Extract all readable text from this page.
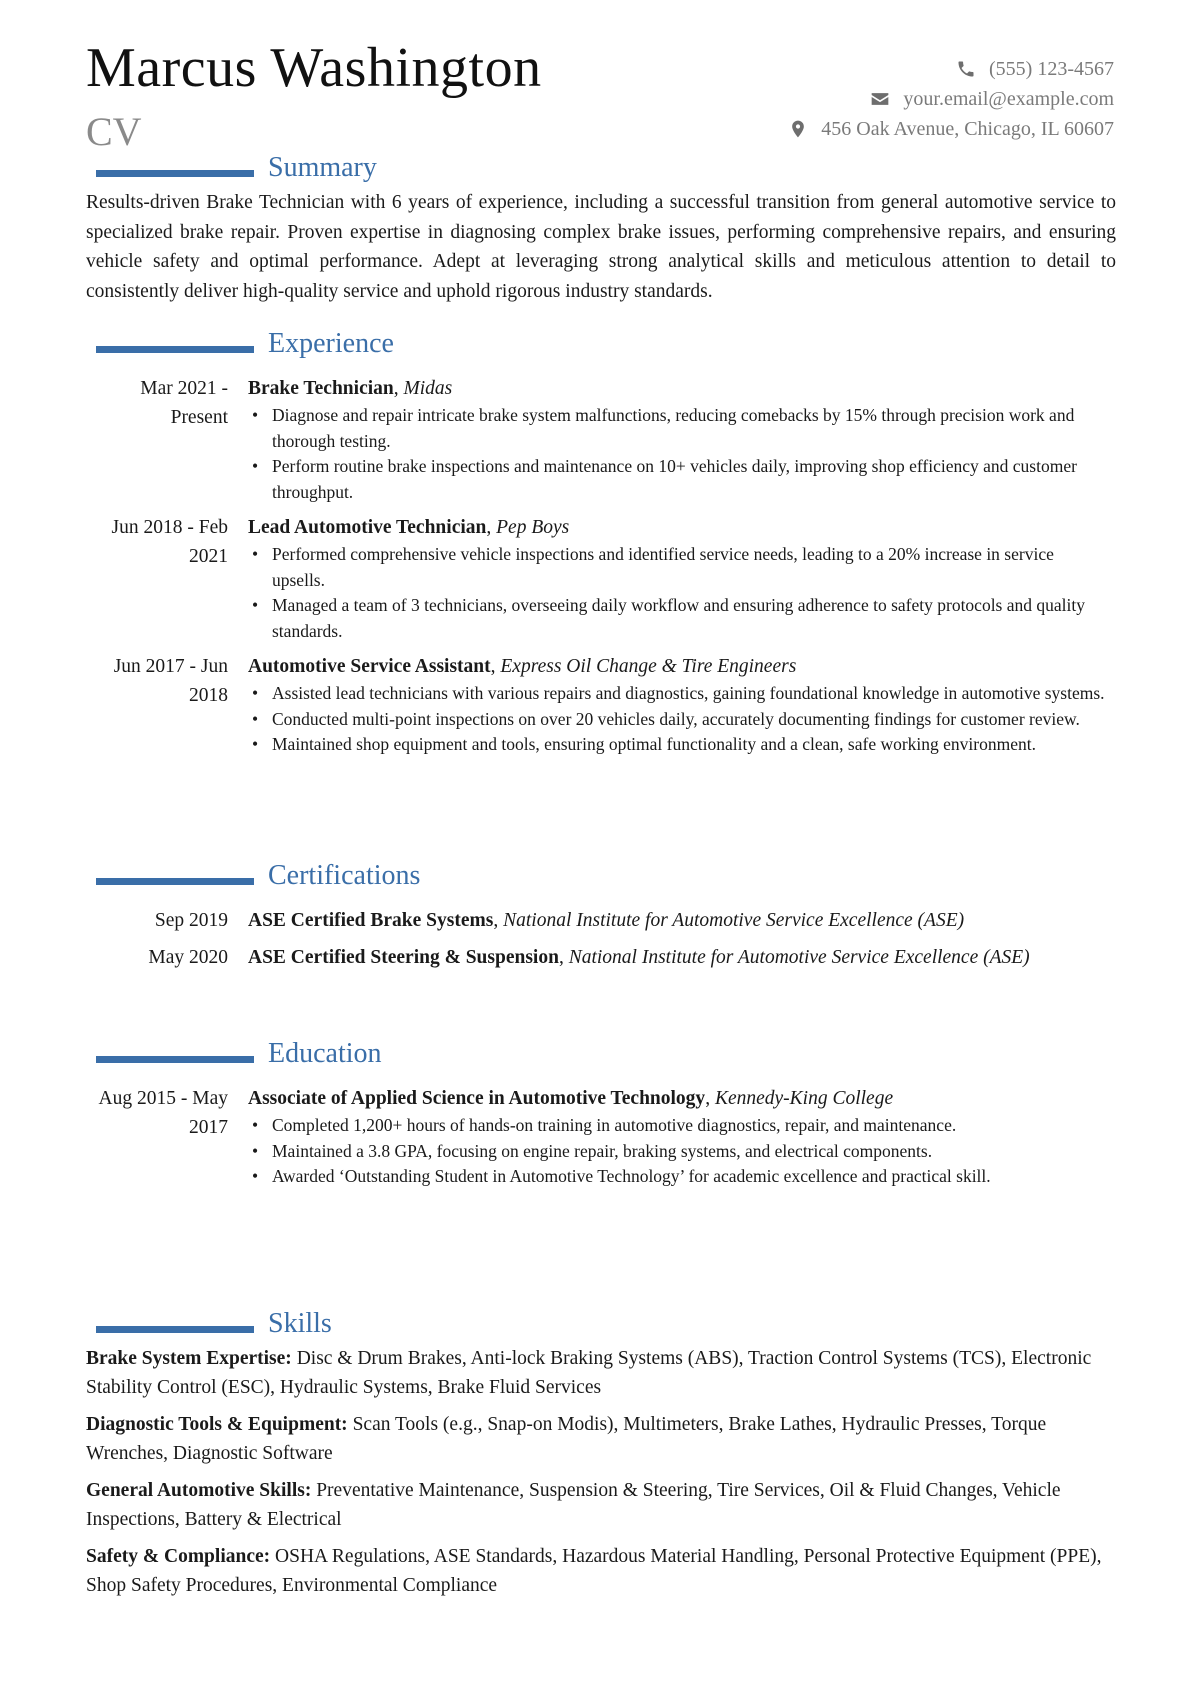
Marcus Washington
CV
(555) 123-4567
your.email@example.com
456 Oak Avenue, Chicago, IL 60607
Summary

Results-driven Brake Technician with 6 years of experience, including a successful transition from general automotive service to specialized brake repair. Proven expertise in diagnosing complex brake issues, performing comprehensive repairs, and ensuring vehicle safety and optimal performance. Adept at leveraging strong analytical skills and meticulous attention to detail to consistently deliver high-quality service and uphold rigorous industry standards.

Experience
Mar 2021 - Present
Brake Technician, Midas
• Diagnose and repair intricate brake system malfunctions, reducing comebacks by 15% through precision work and thorough testing.
• Perform routine brake inspections and maintenance on 10+ vehicles daily, improving shop efficiency and customer throughput.
Jun 2018 - Feb 2021
Lead Automotive Technician, Pep Boys
• Performed comprehensive vehicle inspections and identified service needs, leading to a 20% increase in service upsells.
• Managed a team of 3 technicians, overseeing daily workflow and ensuring adherence to safety protocols and quality standards.
Jun 2017 - Jun 2018
Automotive Service Assistant, Express Oil Change & Tire Engineers
• Assisted lead technicians with various repairs and diagnostics, gaining foundational knowledge in automotive systems.
• Conducted multi-point inspections on over 20 vehicles daily, accurately documenting findings for customer review.
• Maintained shop equipment and tools, ensuring optimal functionality and a clean, safe working environment.
Certifications
Sep 2019	ASE Certified Brake Systems, National Institute for Automotive Service Excellence (ASE)
May 2020	ASE Certified Steering & Suspension, National Institute for Automotive Service Excellence (ASE)
Education
Aug 2015 - May 2017
Associate of Applied Science in Automotive Technology, Kennedy-King College
• Completed 1,200+ hours of hands-on training in automotive diagnostics, repair, and maintenance.
• Maintained a 3.8 GPA, focusing on engine repair, braking systems, and electrical components.
• Awarded ‘Outstanding Student in Automotive Technology’ for academic excellence and practical skill.
Skills
Brake System Expertise: Disc & Drum Brakes, Anti-lock Braking Systems (ABS), Traction Control Systems (TCS), Electronic Stability Control (ESC), Hydraulic Systems, Brake Fluid Services
Diagnostic Tools & Equipment: Scan Tools (e.g., Snap-on Modis), Multimeters, Brake Lathes, Hydraulic Presses, Torque Wrenches, Diagnostic Software
General Automotive Skills: Preventative Maintenance, Suspension & Steering, Tire Services, Oil & Fluid Changes, Vehicle Inspections, Battery & Electrical
Safety & Compliance: OSHA Regulations, ASE Standards, Hazardous Material Handling, Personal Protective Equipment (PPE), Shop Safety Procedures, Environmental Compliance
